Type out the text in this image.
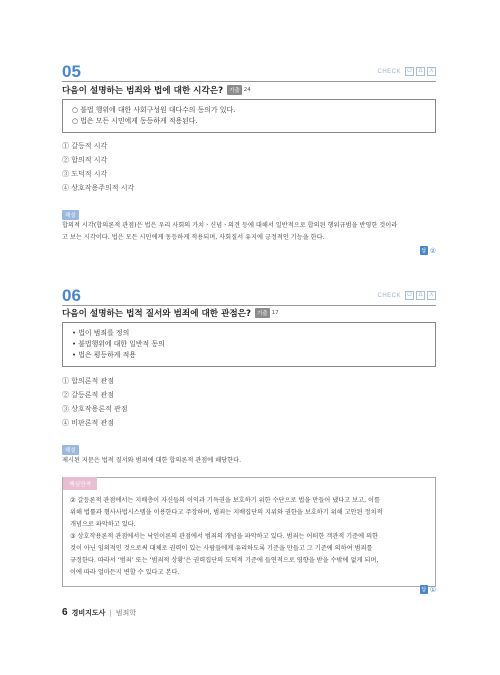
05	CHECK	O	Δ	X
다음이 설명하는 범죄와 법에 대한 시각은?	기출 24
○ 불법 행위에 대한 사회구성원 대다수의 동의가 있다.
○ 법은 모든 시민에게 동등하게 적용된다.
① 갈등적 시각
② 합의적 시각
③ 도덕적 시각
④ 상호작용주의적 시각
해설
합의적 시각(합의론적 관점)은 법은 우리 사회의 가치ㆍ신념ㆍ의견 등에 대해서 일반적으로 합의된 행위규범을 반영한 것이라
고 보는 시각이다. 법은 모든 시민에게 동등하게 적용되며, 사회질서 유지에 긍정적인 기능을 한다.
답 ②
06	CHECK	O	Δ	X
다음이 설명하는 법적 질서와 범죄에 대한 관점은?	기출 17
• 법이 범죄를 정의
• 불법행위에 대한 일반적 동의
• 법은 평등하게 적용
① 합의론적 관점
② 갈등론적 관점
③ 상호작용론적 관점
④ 비판론적 관점
해설
제시된 지문은 법적 질서와 범죄에 대한 합의론적 관점에 해당한다.
핵심만콕
② 갈등론적 관점에서는 지배층이 자신들의 이익과 기득권을 보호하기 위한 수단으로 법을 만들어 냈다고 보고, 이를
위해 법률과 형사사법시스템을 이용한다고 주장하며, 범죄는 지배집단의 지위와 권한을 보호하기 위해 고안된 정치적
개념으로 파악하고 있다.
③ 상호작용론적 관점에서는 낙인이론의 관점에서 범죄의 개념을 파악하고 있다. 범죄는 어떠한 객관적 기준에 의한
것이 아닌 임의적인 것으로써 대체로 권력이 있는 사람들에게 유리하도록 기준을 만들고 그 기준에 의하여 범죄를
규정한다. 따라서 ‘범죄’ 또는 ‘범죄적 상황’은 권력집단의 도덕적 기준에 들연적으로 영향을 받을 수밖에 없게 되며,
이에 따라 얼마든지 변할 수 있다고 본다.
답 ①
6 경비지도사 | 범죄학
